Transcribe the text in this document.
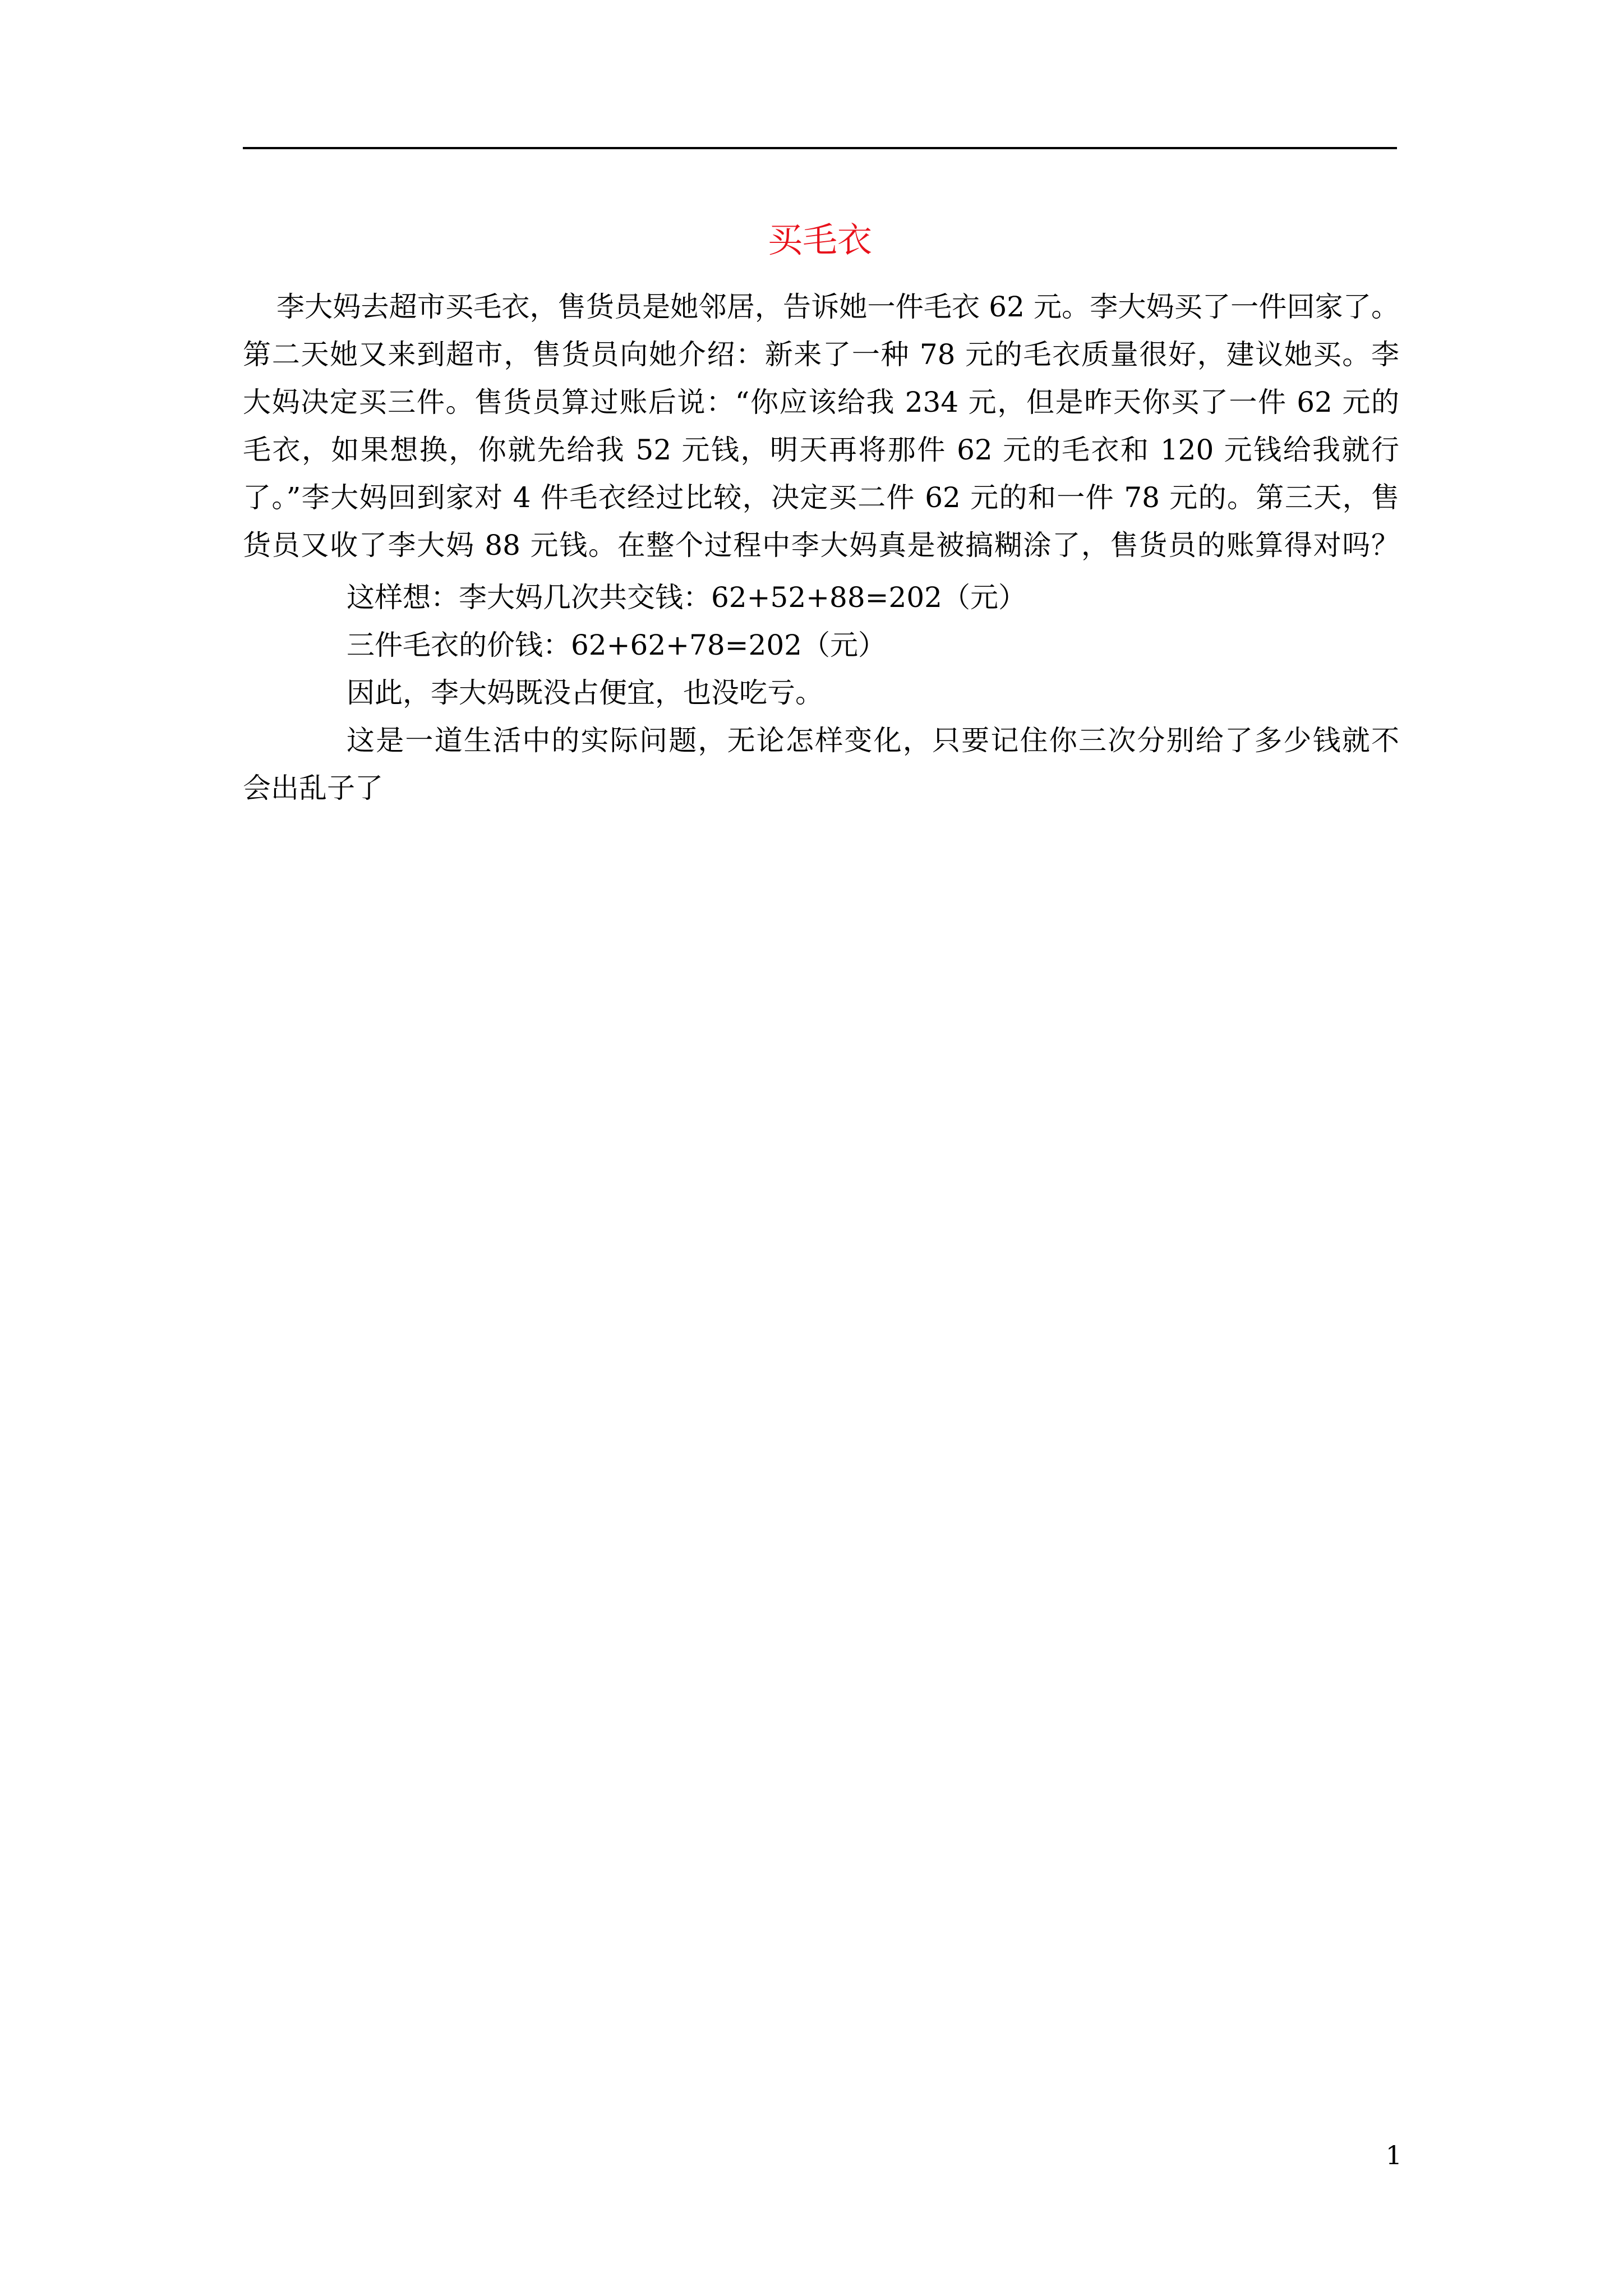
买毛衣
李大妈去超市买毛衣，售货员是她邻居，告诉她一件毛衣 62 元。李大妈买了一件回家了。
第二天她又来到超市，售货员向她介绍：新来了一种 78 元的毛衣质量很好，建议她买。李
大妈决定买三件。售货员算过账后说：“你应该给我 234 元，但是昨天你买了一件 62 元的
毛衣，如果想换，你就先给我 52 元钱，明天再将那件 62 元的毛衣和 120 元钱给我就行
了。”李大妈回到家对 4 件毛衣经过比较，决定买二件 62 元的和一件 78 元的。第三天，售
货员又收了李大妈 88 元钱。在整个过程中李大妈真是被搞糊涂了，售货员的账算得对吗？
这样想：李大妈几次共交钱：62+52+88=202（元）
三件毛衣的价钱：62+62+78=202（元）
因此，李大妈既没占便宜，也没吃亏。
这是一道生活中的实际问题，无论怎样变化，只要记住你三次分别给了多少钱就不
会出乱子了
1
